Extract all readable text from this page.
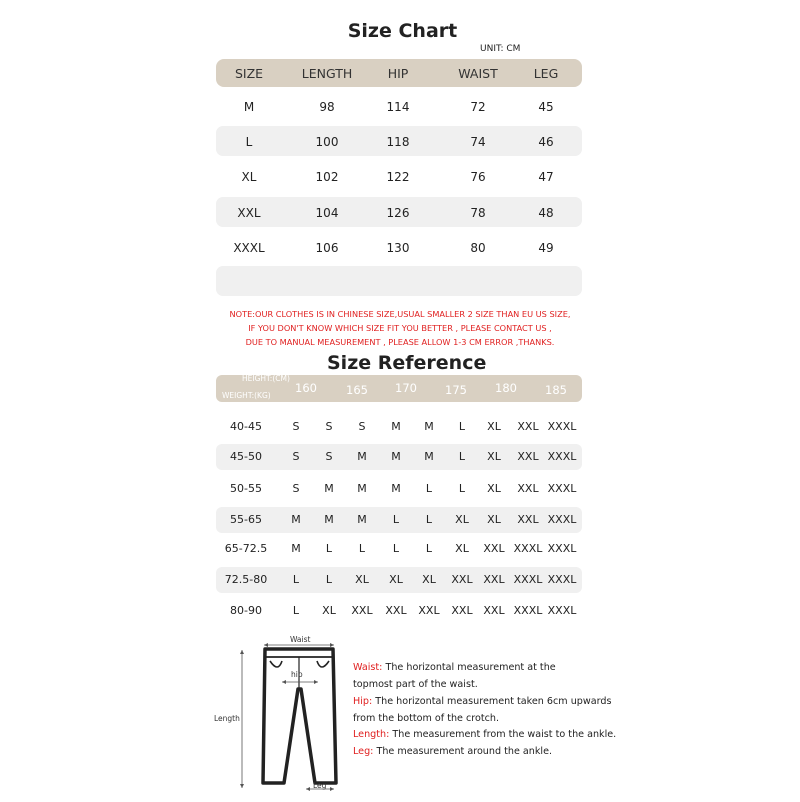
Size Chart
UNIT: CM
SIZE	LENGTH	HIP	WAIST	LEG
M	98	114	72	45
L	100	118	74	46
XL	102	122	76	47
XXL	104	126	78	48
XXXL	106	130	80	49
NOTE:OUR CLOTHES IS IN CHINESE SIZE,USUAL SMALLER 2 SIZE THAN EU US SIZE,
IF YOU DON'T KNOW WHICH SIZE FIT YOU BETTER , PLEASE CONTACT US ,
DUE TO MANUAL MEASUREMENT , PLEASE ALLOW 1-3 CM ERROR ,THANKS.
Size Reference
HEIGHT:(CM)
WEIGHT:(KG)
160	165 170 175 180 185
40-45	S S S M M L XL XXL XXXL
45-50	S S M M M L XL XXL XXXL
50-55	S M M M L L XL XXL XXXL
55-65	M M M L L XL XL XXL XXXL
65-72.5 M L L	L L XL XXL XXXL XXXL
72.5-80 L L XL XL XL XXL XXL XXXL XXXL
80-90	L XL XXL XXL XXL XXL XXL XXXL XXXL
Waist
hip
Length
Leg
Waist: The horizontal measurement at the
topmost part of the waist.
Hip: The horizontal measurement taken 6cm upwards
from the bottom of the crotch.
Length: The measurement from the waist to the ankle.
Leg: The measurement around the ankle.
